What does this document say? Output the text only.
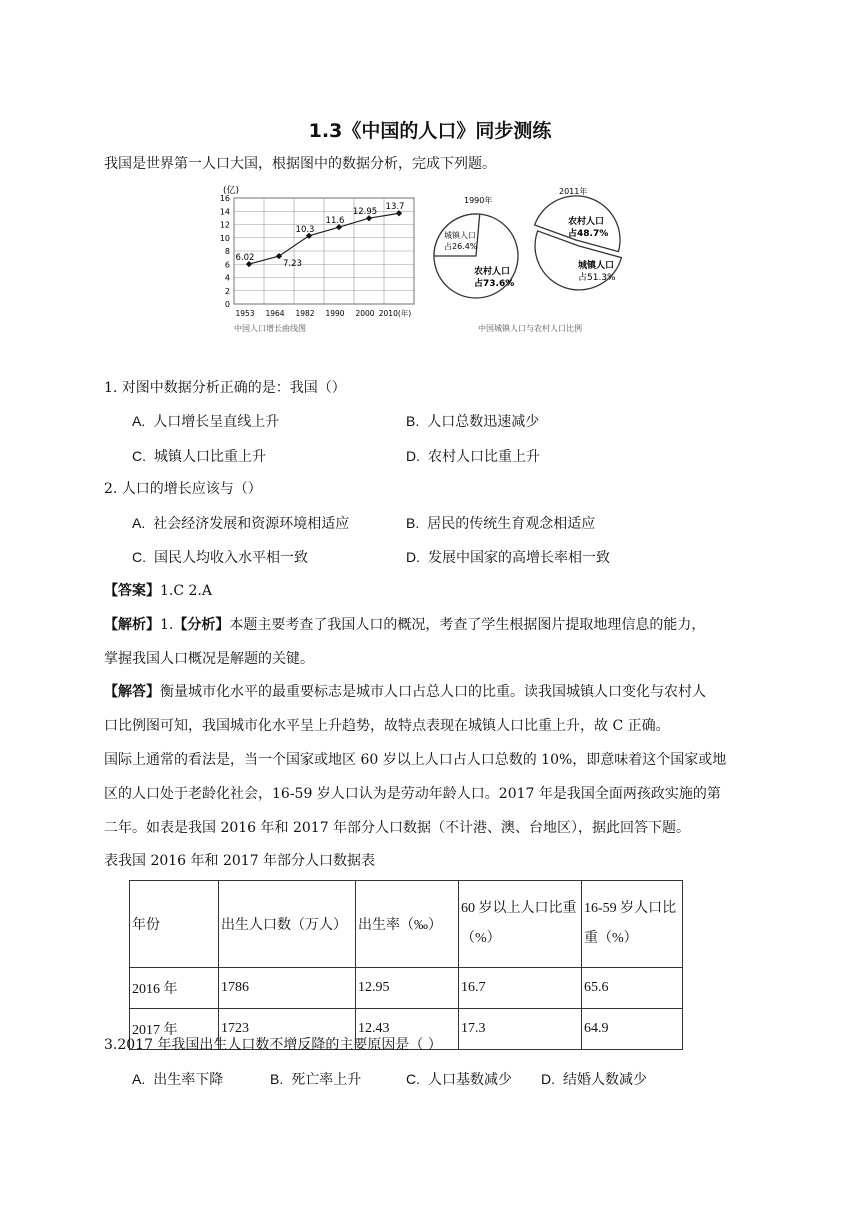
1.3《中国的人口》同步测练
我国是世界第一人口大国，根据图中的数据分析，完成下列题。
(亿)
0
2
4
6
8
10
12
14
16
1953 1964 1982 1990 2000 2010(年)
6.02
7.23
10.3
11.6
12.95 13.7
中国人口增长曲线图
1990年
城镇人口
占26.4%
农村人口
占73.6%
2011年
农村人口
占48.7%
城镇人口
占51.3%
中国城镇人口与农村人口比例
1. 对图中数据分析正确的是：我国（）
A. 人口增长呈直线上升	B. 人口总数迅速减少
C. 城镇人口比重上升	D. 农村人口比重上升
2. 人口的增长应该与（）
A. 社会经济发展和资源环境相适应	B. 居民的传统生育观念相适应
C. 国民人均收入水平相一致	D. 发展中国家的高增长率相一致
【答案】1.C 2.A
【解析】1.【分析】本题主要考查了我国人口的概况，考查了学生根据图片提取地理信息的能力，
掌握我国人口概况是解题的关键。
【解答】衡量城市化水平的最重要标志是城市人口占总人口的比重。读我国城镇人口变化与农村人
口比例图可知，我国城市化水平呈上升趋势，故特点表现在城镇人口比重上升，故 C 正确。
国际上通常的看法是，当一个国家或地区 60 岁以上人口占人口总数的 10%，即意味着这个国家或地
区的人口处于老龄化社会，16-59 岁人口认为是劳动年龄人口。2017 年是我国全面两孩政实施的第
二年。如表是我国 2016 年和 2017 年部分人口数据（不计港、澳、台地区），据此回答下题。
表我国 2016 年和 2017 年部分人口数据表
年份	出生人口数（万人）	出生率（‰）	60 岁以上人口比重（%）	16-59 岁人口比重（%）
2016 年	1786	12.95	16.7	65.6
2017 年	1723	12.43	17.3	64.9
3.2017 年我国出生人口数不增反降的主要原因是（ ）
A. 出生率下降	B. 死亡率上升	C. 人口基数减少 D. 结婚人数减少
